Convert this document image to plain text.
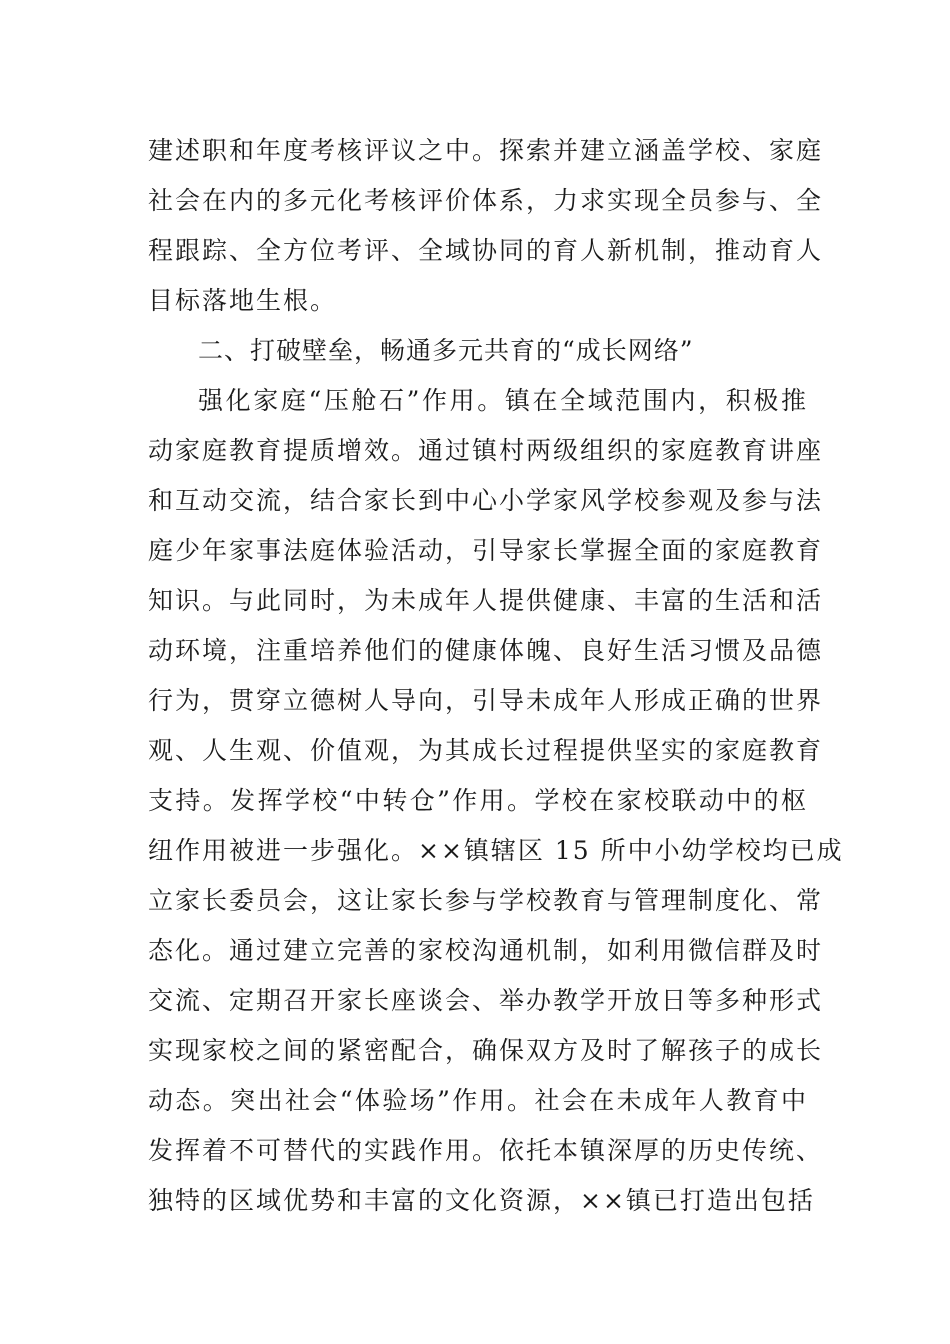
建述职和年度考核评议之中。探索并建立涵盖学校、家庭
社会在内的多元化考核评价体系，力求实现全员参与、全
程跟踪、全方位考评、全域协同的育人新机制，推动育人
目标落地生根。
二、打破壁垒，畅通多元共育的“成长网络”
强化家庭“压舱石”作用。镇在全域范围内，积极推
动家庭教育提质增效。通过镇村两级组织的家庭教育讲座
和互动交流，结合家长到中心小学家风学校参观及参与法
庭少年家事法庭体验活动，引导家长掌握全面的家庭教育
知识。与此同时，为未成年人提供健康、丰富的生活和活
动环境，注重培养他们的健康体魄、良好生活习惯及品德
行为，贯穿立德树人导向，引导未成年人形成正确的世界
观、人生观、价值观，为其成长过程提供坚实的家庭教育
支持。发挥学校“中转仓”作用。学校在家校联动中的枢
纽作用被进一步强化。××镇辖区 15 所中小幼学校均已成
立家长委员会，这让家长参与学校教育与管理制度化、常
态化。通过建立完善的家校沟通机制，如利用微信群及时
交流、定期召开家长座谈会、举办教学开放日等多种形式
实现家校之间的紧密配合，确保双方及时了解孩子的成长
动态。突出社会“体验场”作用。社会在未成年人教育中
发挥着不可替代的实践作用。依托本镇深厚的历史传统、
独特的区域优势和丰富的文化资源，××镇已打造出包括
